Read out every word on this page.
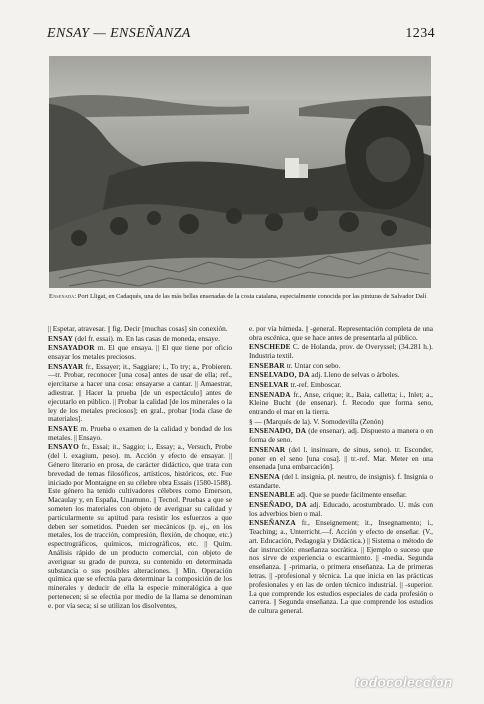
ENSAY — ENSEÑANZA	1234
Ensenada: Port Lligat, en Cadaqués, una de las más bellas ensenadas de la costa catalana, especialmente conocida por las pinturas de Salvador Dalí

|| Espetar, atravesar. || fig. Decir [muchas cosas] sin conexión.

ENSAY (del fr. essai). m. En las casas de moneda, ensaye.

ENSAYADOR m. El que ensaya. || El que tiene por oficio ensayar los metales preciosos.

ENSAYAR fr., Essayer; it., Saggiare; i., To try; a., Probieren.—tr. Probar, reconocer [una cosa] antes de usar de ella; ref., ejercitarse a hacer una cosa: ensayarse a cantar. || Amaestrar, adiestrar. || Hacer la prueba [de un espectáculo] antes de ejecutarlo en público. || Probar la calidad [de los minerales o la ley de los metales preciosos]; en gral., probar [toda clase de materiales].

ENSAYE m. Prueba o examen de la calidad y bondad de los metales. || Ensayo.

ENSAYO fr., Essai; it., Saggio; i., Essay; a., Versuch, Probe (del l. exagium, peso). m. Acción y efecto de ensayar. || Género literario en prosa, de carácter didáctico, que trata con brevedad de temas filosóficos, artísticos, históricos, etc. Fue iniciado por Montaigne en su célebre obra Essais (1580-1588). Este género ha tenido cultivadores célebres como Emerson, Macaulay y, en España, Unamuno. || Tecnol. Pruebas a que se someten los materiales con objeto de averiguar su calidad y particularmente su aptitud para resistir los esfuerzos a que deben ser sometidos. Pueden ser mecánicos (p. ej., en los metales, los de tracción, compresión, flexión, de choque, etc.) espectrográficos, químicos, micrográficos, etc. || Quím. Análisis rápido de un producto comercial, con objeto de averiguar su grado de pureza, su contenido en determinada substancia o sus posibles alteraciones. || Min. Operación química que se efectúa para determinar la composición de los minerales y deducir de ella la especie mineralógica a que pertenecen; si se efectúa por medio de la llama se denominan e. por vía seca; si se utilizan los disolventes,

e. por vía húmeda. || -general. Representación completa de una obra escénica, que se hace antes de presentarla al público.

ENSCHEDE C. de Holanda, prov. de Overyssel; (34.281 h.). Industria textil.

ENSEBAR tr. Untar con sebo.

ENSELVADO, DA adj. Lleno de selvas o árboles.

ENSELVAR tr.-ref. Emboscar.

ENSENADA fr., Anse, crique; it., Baia, calletta; i., Inlet; a., Kleine Bucht (de ensenar). f. Recodo que forma seno, entrando el mar en la tierra.

§ — (Marqués de la). V. Somodevilla (Zenón)

ENSENADO, DA (de ensenar). adj. Dispuesto a manera o en forma de seno.

ENSENAR (del l. insinuare, de sinus, seno). tr. Esconder, poner en el seno [una cosa]. || tr.-ref. Mar. Meter en una ensenada [una embarcación].

ENSENA (del l. insignia, pl. neutro, de insignis). f. Insignia o estandarte.

ENSENABLE adj. Que se puede fácilmente enseñar.

ENSEÑADO, DA adj. Educado, acostumbrado. U. más con los adverbios bien o mal.

ENSEÑANZA fr., Enseignement; it., Insegnamento; i., Teaching; a., Unterricht.—f. Acción y efecto de enseñar. (V., art. Educación, Pedagogía y Didáctica.) || Sistema o método de dar instrucción: enseñanza socrática. || Ejemplo o suceso que nos sirve de experiencia o escarmiento. || -media. Segunda enseñanza. || -primaria, o primera enseñanza. La de primeras letras. || -profesional y técnica. La que inicia en las prácticas profesionales y en las de orden técnico industrial. || -superior. La que comprende los estudios especiales de cada profesión o carrera. || Segunda enseñanza. La que comprende los estudios de cultura general.

todocoleccion
